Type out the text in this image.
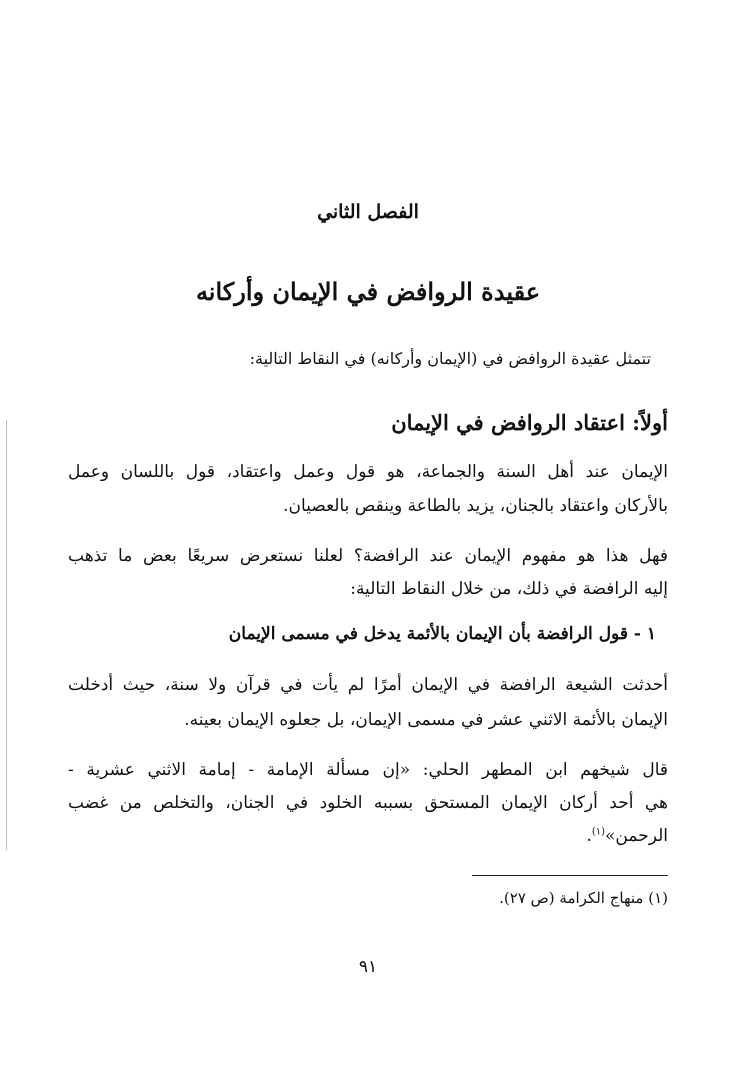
الفصل الثاني
عقيدة الروافض في الإيمان وأركانه
تتمثل عقيدة الروافض في (الإيمان وأركانه) في النقاط التالية:
أولاً: اعتقاد الروافض في الإيمان
الإيمان عند أهل السنة والجماعة، هو قول وعمل واعتقاد، قول باللسان وعمل
بالأركان واعتقاد بالجنان، يزيد بالطاعة وينقص بالعصيان.
فهل هذا هو مفهوم الإيمان عند الرافضة؟ لعلنا نستعرض سريعًا بعض ما تذهب
إليه الرافضة في ذلك، من خلال النقاط التالية:
١ - قول الرافضة بأن الإيمان بالأئمة يدخل في مسمى الإيمان
أحدثت الشيعة الرافضة في الإيمان أمرًا لم يأت في قرآن ولا سنة، حيث أدخلت
الإيمان بالأئمة الاثني عشر في مسمى الإيمان، بل جعلوه الإيمان بعينه.
قال شيخهم ابن المطهر الحلي: «إن مسألة الإمامة - إمامة الاثني عشرية -
هي أحد أركان الإيمان المستحق بسببه الخلود في الجنان، والتخلص من غضب
الرحمن»$^{(١)}$.
(١) منهاج الكرامة (ص ٢٧).
٩١
